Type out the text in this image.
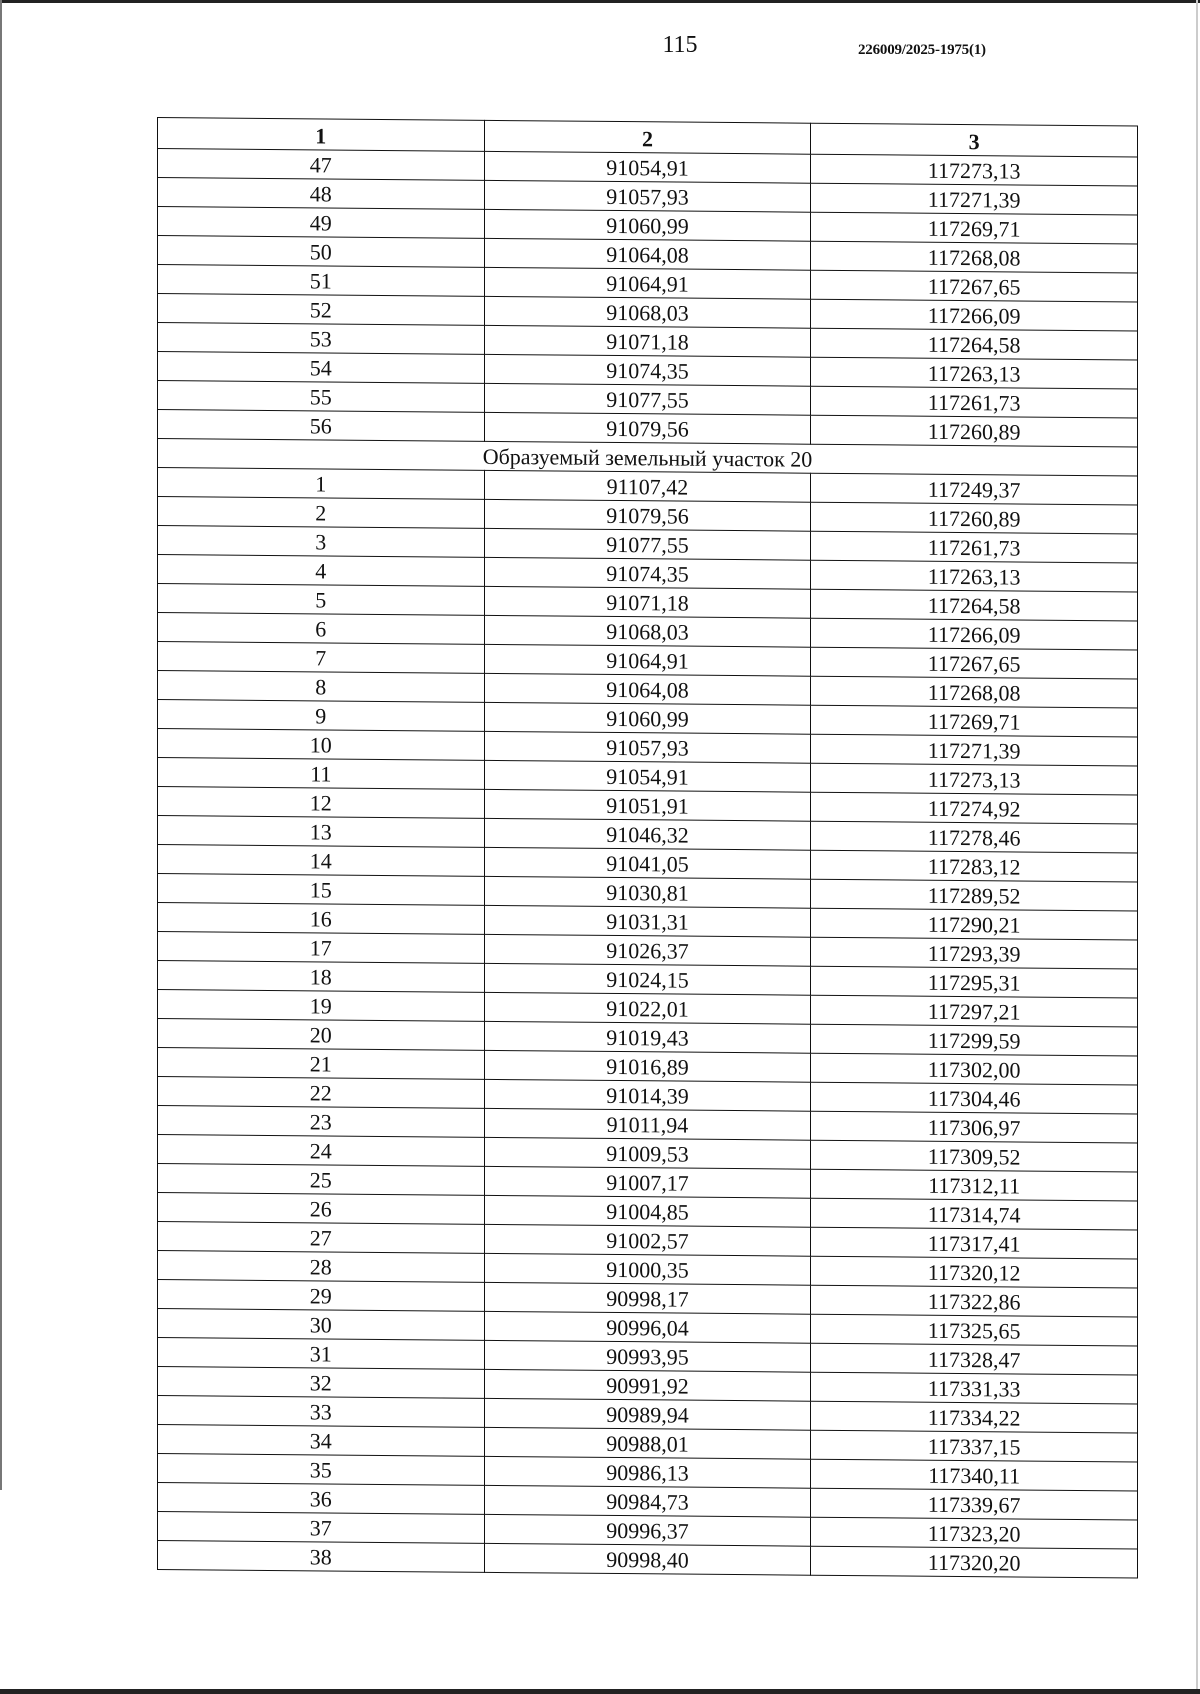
115	226009/2025-1975(1)
1	2	3
47	91054,91	117273,13
48	91057,93	117271,39
49	91060,99	117269,71
50	91064,08	117268,08
51	91064,91	117267,65
52	91068,03	117266,09
53	91071,18	117264,58
54	91074,35	117263,13
55	91077,55	117261,73
56	91079,56	117260,89
Образуемый земельный участок 20		
1	91107,42	117249,37
2	91079,56	117260,89
3	91077,55	117261,73
4	91074,35	117263,13
5	91071,18	117264,58
6	91068,03	117266,09
7	91064,91	117267,65
8	91064,08	117268,08
9	91060,99	117269,71
10	91057,93	117271,39
11	91054,91	117273,13
12	91051,91	117274,92
13	91046,32	117278,46
14	91041,05	117283,12
15	91030,81	117289,52
16	91031,31	117290,21
17	91026,37	117293,39
18	91024,15	117295,31
19	91022,01	117297,21
20	91019,43	117299,59
21	91016,89	117302,00
22	91014,39	117304,46
23	91011,94	117306,97
24	91009,53	117309,52
25	91007,17	117312,11
26	91004,85	117314,74
27	91002,57	117317,41
28	91000,35	117320,12
29	90998,17	117322,86
30	90996,04	117325,65
31	90993,95	117328,47
32	90991,92	117331,33
33	90989,94	117334,22
34	90988,01	117337,15
35	90986,13	117340,11
36	90984,73	117339,67
37	90996,37	117323,20
38	90998,40	117320,20
